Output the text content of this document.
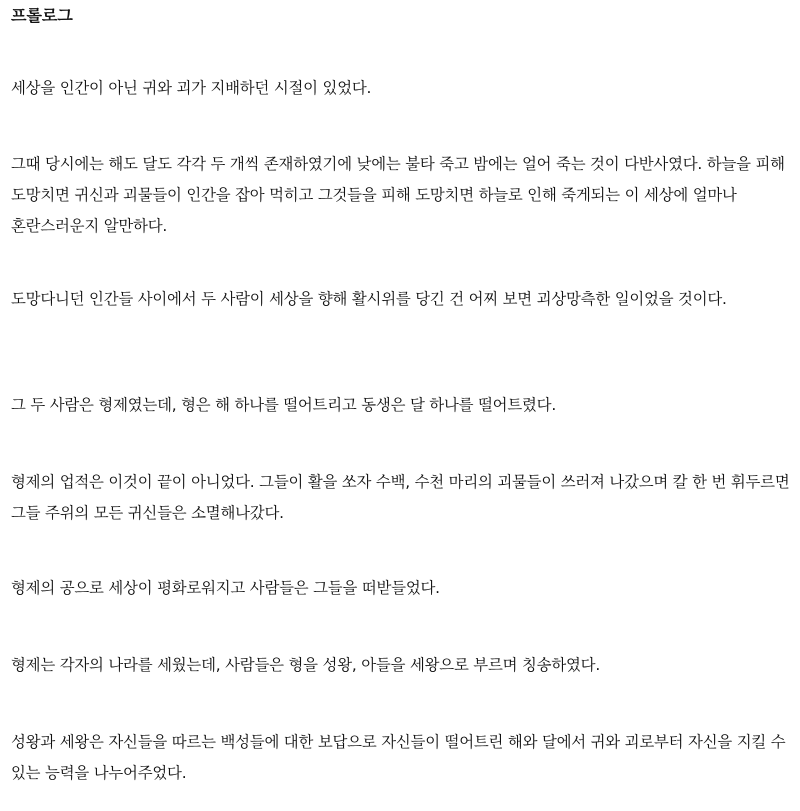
프롤로그

세상을 인간이 아닌 귀와 괴가 지배하던 시절이 있었다.

그때 당시에는 해도 달도 각각 두 개씩 존재하였기에 낮에는 불타 죽고 밤에는 얼어 죽는 것이 다반사였다. 하늘을 피해 도망치면 귀신과 괴물들이 인간을 잡아 먹히고 그것들을 피해 도망치면 하늘로 인해 죽게되는 이 세상에 얼마나 혼란스러운지 알만하다.

도망다니던 인간들 사이에서 두 사람이 세상을 향해 활시위를 당긴 건 어찌 보면 괴상망측한 일이었을 것이다.

그 두 사람은 형제였는데, 형은 해 하나를 떨어트리고 동생은 달 하나를 떨어트렸다.

형제의 업적은 이것이 끝이 아니었다. 그들이 활을 쏘자 수백, 수천 마리의 괴물들이 쓰러져 나갔으며 칼 한 번 휘두르면 그들 주위의 모든 귀신들은 소멸해나갔다.

형제의 공으로 세상이 평화로워지고 사람들은 그들을 떠받들었다.

형제는 각자의 나라를 세웠는데, 사람들은 형을 성왕, 아들을 세왕으로 부르며 칭송하였다.

성왕과 세왕은 자신들을 따르는 백성들에 대한 보답으로 자신들이 떨어트린 해와 달에서 귀와 괴로부터 자신을 지킬 수 있는 능력을 나누어주었다.
